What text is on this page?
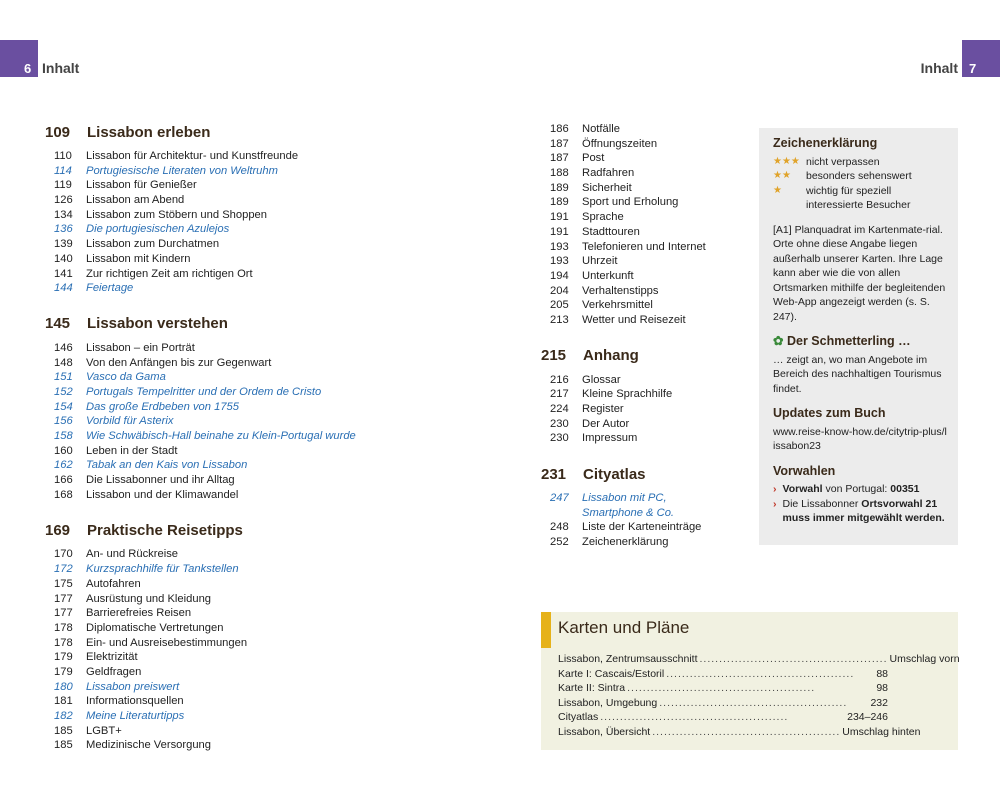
6 Inhalt	Inhalt 7
109	Lissabon erleben
110	Lissabon für Architektur- und Kunstfreunde
114	Portugiesische Literaten von Weltruhm
119	Lissabon für Genießer
126	Lissabon am Abend
134	Lissabon zum Stöbern und Shoppen
136	Die portugiesischen Azulejos
139	Lissabon zum Durchatmen
140	Lissabon mit Kindern
141	Zur richtigen Zeit am richtigen Ort
144	Feiertage
145	Lissabon verstehen
146	Lissabon – ein Porträt
148	Von den Anfängen bis zur Gegenwart
151	Vasco da Gama
152	Portugals Tempelritter und der Ordem de Cristo
154	Das große Erdbeben von 1755
156	Vorbild für Asterix
158	Wie Schwäbisch-Hall beinahe zu Klein-Portugal wurde
160	Leben in der Stadt
162	Tabak an den Kais von Lissabon
166	Die Lissabonner und ihr Alltag
168	Lissabon und der Klimawandel
169	Praktische Reisetipps
170	An- und Rückreise
172	Kurzsprachhilfe für Tankstellen
175	Autofahren
177	Ausrüstung und Kleidung
177	Barrierefreies Reisen
178	Diplomatische Vertretungen
178	Ein- und Ausreisebestimmungen
179	Elektrizität
179	Geldfragen
180	Lissabon preiswert
181	Informationsquellen
182	Meine Literaturtipps
185	LGBT+
185	Medizinische Versorgung
186	Notfälle
187	Öffnungszeiten
187	Post
188	Radfahren
189	Sicherheit
189	Sport und Erholung
191	Sprache
191	Stadttouren
193	Telefonieren und Internet
193	Uhrzeit
194	Unterkunft
204	Verhaltenstipps
205	Verkehrsmittel
213	Wetter und Reisezeit
215	Anhang
216	Glossar
217	Kleine Sprachhilfe
224	Register
230	Der Autor
230	Impressum
231	Cityatlas
247	Lissabon mit PC,
Smartphone & Co.
248	Liste der Karteneinträge
252	Zeichenerklärung
Zeichenerklärung
★★★ nicht verpassen
★★	besonders sehenswert
★	wichtig für speziell
interessierte Besucher

[A1] Planquadrat im Kartenmate-rial. Orte ohne diese Angabe liegen außerhalb unserer Karten. Ihre Lage kann aber wie die von allen Ortsmarken mithilfe der begleitenden Web-App angezeigt werden (s. S. 247).

✿ Der Schmetterling …

… zeigt an, wo man Angebote im Bereich des nachhaltigen Tourismus findet.

Updates zum Buch

www.reise-know-how.de/citytrip-plus/lissabon23

Vorwahlen
› Vorwahl von Portugal: 00351
› Die Lissabonner Ortsvorwahl 21 muss immer mitgewählt werden.
Karten und Pläne
Lissabon, Zentrumsausschnitt ................................................ Umschlag vorn
Karte I: Cascais/Estoril ................................................	88
Karte II: Sintra ................................................	98
Lissabon, Umgebung ................................................	232
Cityatlas ................................................	234–246
Lissabon, Übersicht ................................................ Umschlag hinten
